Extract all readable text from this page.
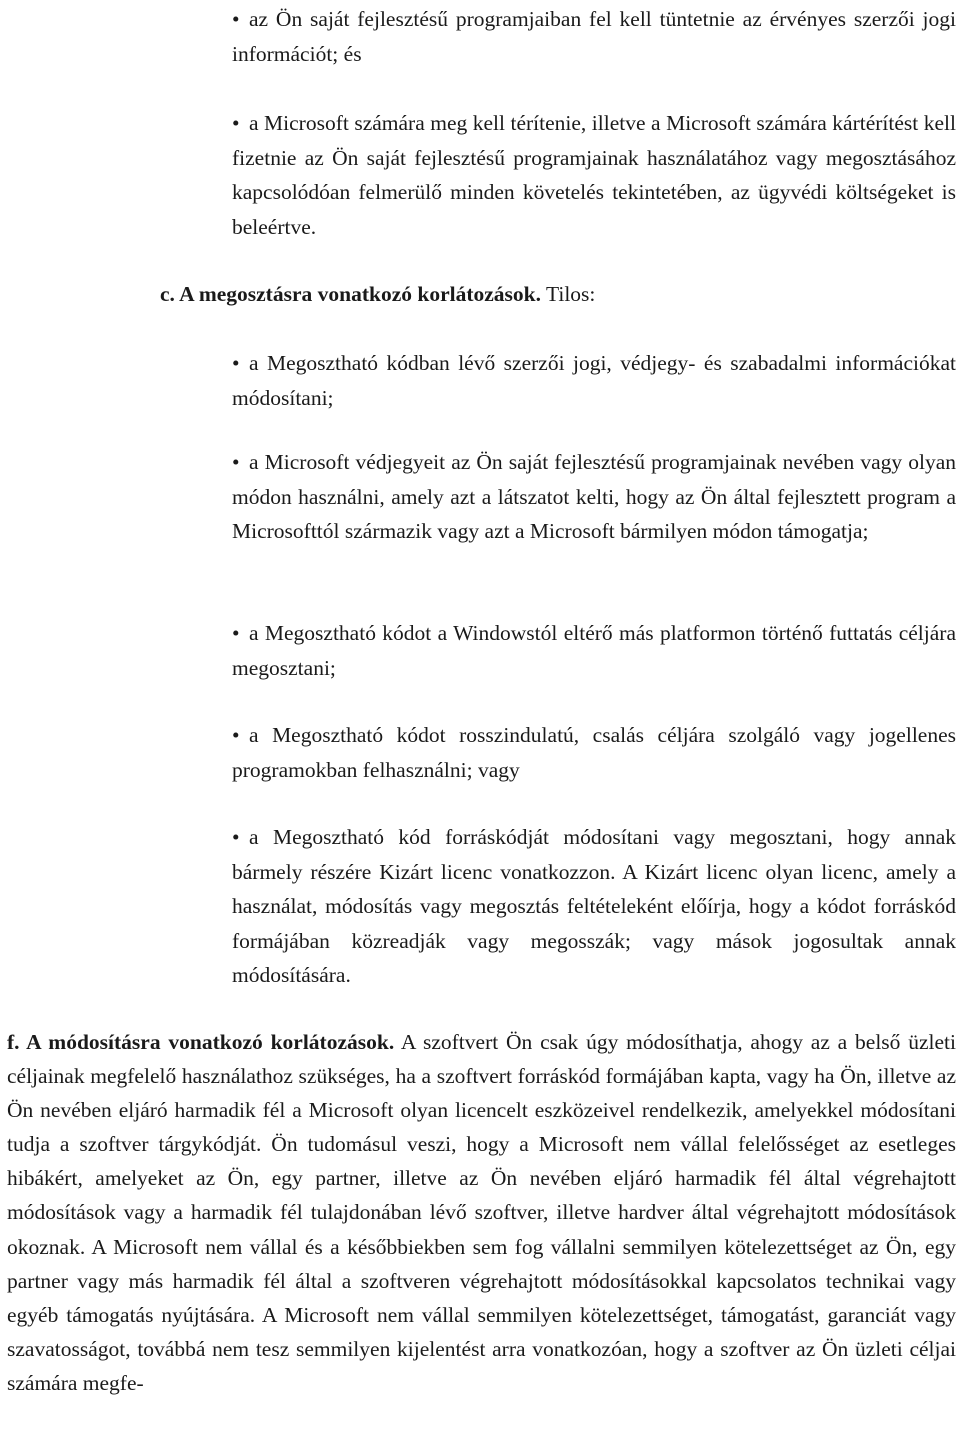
• az Ön saját fejlesztésű programjaiban fel kell tüntetnie az érvényes szerzői jogi információt; és

• a Microsoft számára meg kell térítenie, illetve a Microsoft számára kártérítést kell fizetnie az Ön saját fejlesztésű programjainak használatához vagy megosztásához kapcsolódóan felmerülő minden követelés tekintetében, az ügyvédi költségeket is beleértve.

c. A megosztásra vonatkozó korlátozások. Tilos:

• a Megosztható kódban lévő szerzői jogi, védjegy- és szabadalmi információkat módosítani;

• a Microsoft védjegyeit az Ön saját fejlesztésű programjainak nevében vagy olyan módon használni, amely azt a látszatot kelti, hogy az Ön által fejlesztett program a Microsofttól származik vagy azt a Microsoft bármilyen módon támogatja;

• a Megosztható kódot a Windowstól eltérő más platformon történő futtatás céljára megosztani;

• a Megosztható kódot rosszindulatú, csalás céljára szolgáló vagy jogellenes programokban felhasználni; vagy

• a Megosztható kód forráskódját módosítani vagy megosztani, hogy annak bármely részére Kizárt licenc vonatkozzon. A Kizárt licenc olyan licenc, amely a használat, módosítás vagy megosztás feltételeként előírja, hogy a kódot forráskód formájában közreadják vagy megosszák; vagy mások jogosultak annak módosítására.

f. A módosításra vonatkozó korlátozások. A szoftvert Ön csak úgy módosíthatja, ahogy az a belső üzleti céljainak megfelelő használathoz szükséges, ha a szoftvert forráskód formájában kapta, vagy ha Ön, illetve az Ön nevében eljáró harmadik fél a Microsoft olyan licencelt eszközeivel rendelkezik, amelyekkel módosítani tudja a szoftver tárgykódját. Ön tudomásul veszi, hogy a Microsoft nem vállal felelősséget az esetleges hibákért, amelyeket az Ön, egy partner, illetve az Ön nevében eljáró harmadik fél által végrehajtott módosítások vagy a harmadik fél tulajdonában lévő szoftver, illetve hardver által végrehajtott módosítások okoznak. A Microsoft nem vállal és a későbbiekben sem fog vállalni semmilyen kötelezettséget az Ön, egy partner vagy más harmadik fél által a szoftveren végrehajtott módosításokkal kapcsolatos technikai vagy egyéb támogatás nyújtására. A Microsoft nem vállal semmilyen kötelezettséget, támogatást, garanciát vagy szavatosságot, továbbá nem tesz semmilyen kijelentést arra vonatkozóan, hogy a szoftver az Ön üzleti céljai számára megfe-
